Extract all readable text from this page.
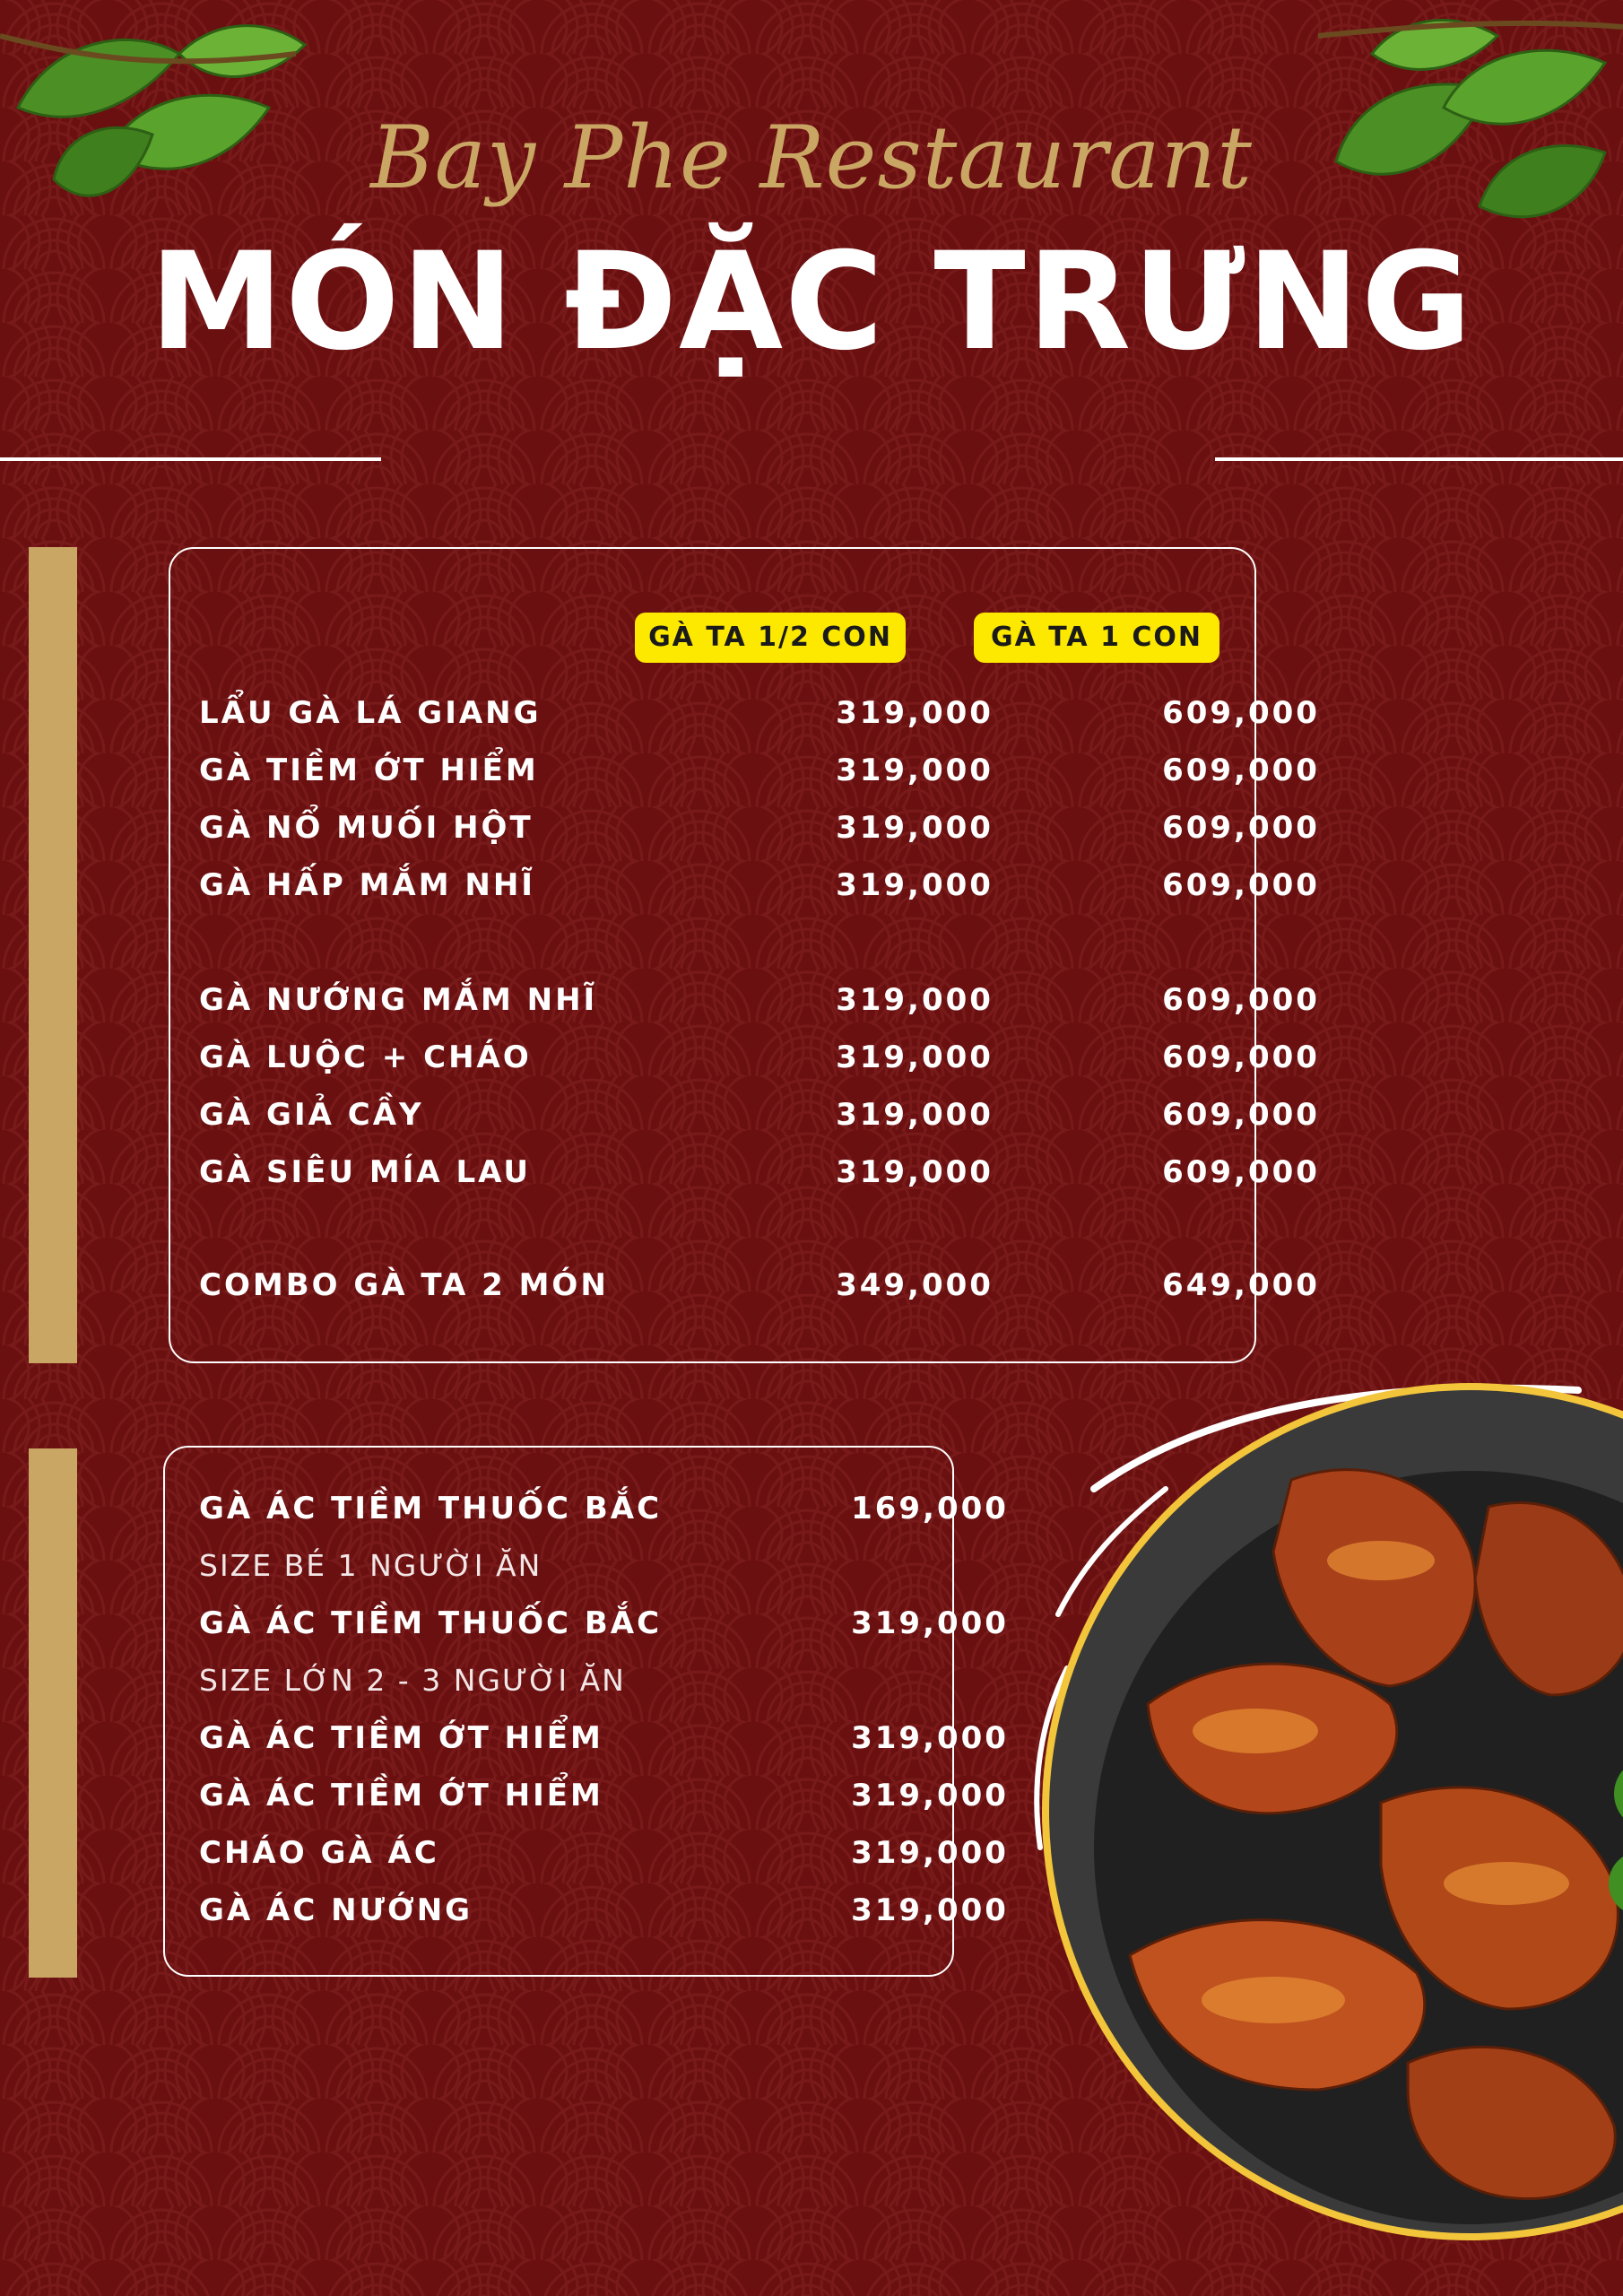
Bay Phe Restaurant
MÓN ĐẶC TRƯNG
GÀ TA 1/2 CON	GÀ TA 1 CON
LẨU GÀ LÁ GIANG	319,000	609,000
GÀ TIỀM ỚT HIỂM	319,000	609,000
GÀ NỔ MUỐI HỘT	319,000	609,000
GÀ HẤP MẮM NHĨ	319,000	609,000
GÀ NƯỚNG MẮM NHĨ	319,000	609,000
GÀ LUỘC + CHÁO	319,000	609,000
GÀ GIẢ CẦY	319,000	609,000
GÀ SIÊU MÍA LAU	319,000	609,000
COMBO GÀ TA 2 MÓN	349,000	649,000
GÀ ÁC TIỀM THUỐC BẮC	169,000
SIZE BÉ 1 NGƯỜI ĂN
GÀ ÁC TIỀM THUỐC BẮC	319,000
SIZE LỚN 2 - 3 NGƯỜI ĂN
GÀ ÁC TIỀM ỚT HIỂM	319,000
GÀ ÁC TIỀM ỚT HIỂM	319,000
CHÁO GÀ ÁC	319,000
GÀ ÁC NƯỚNG	319,000
